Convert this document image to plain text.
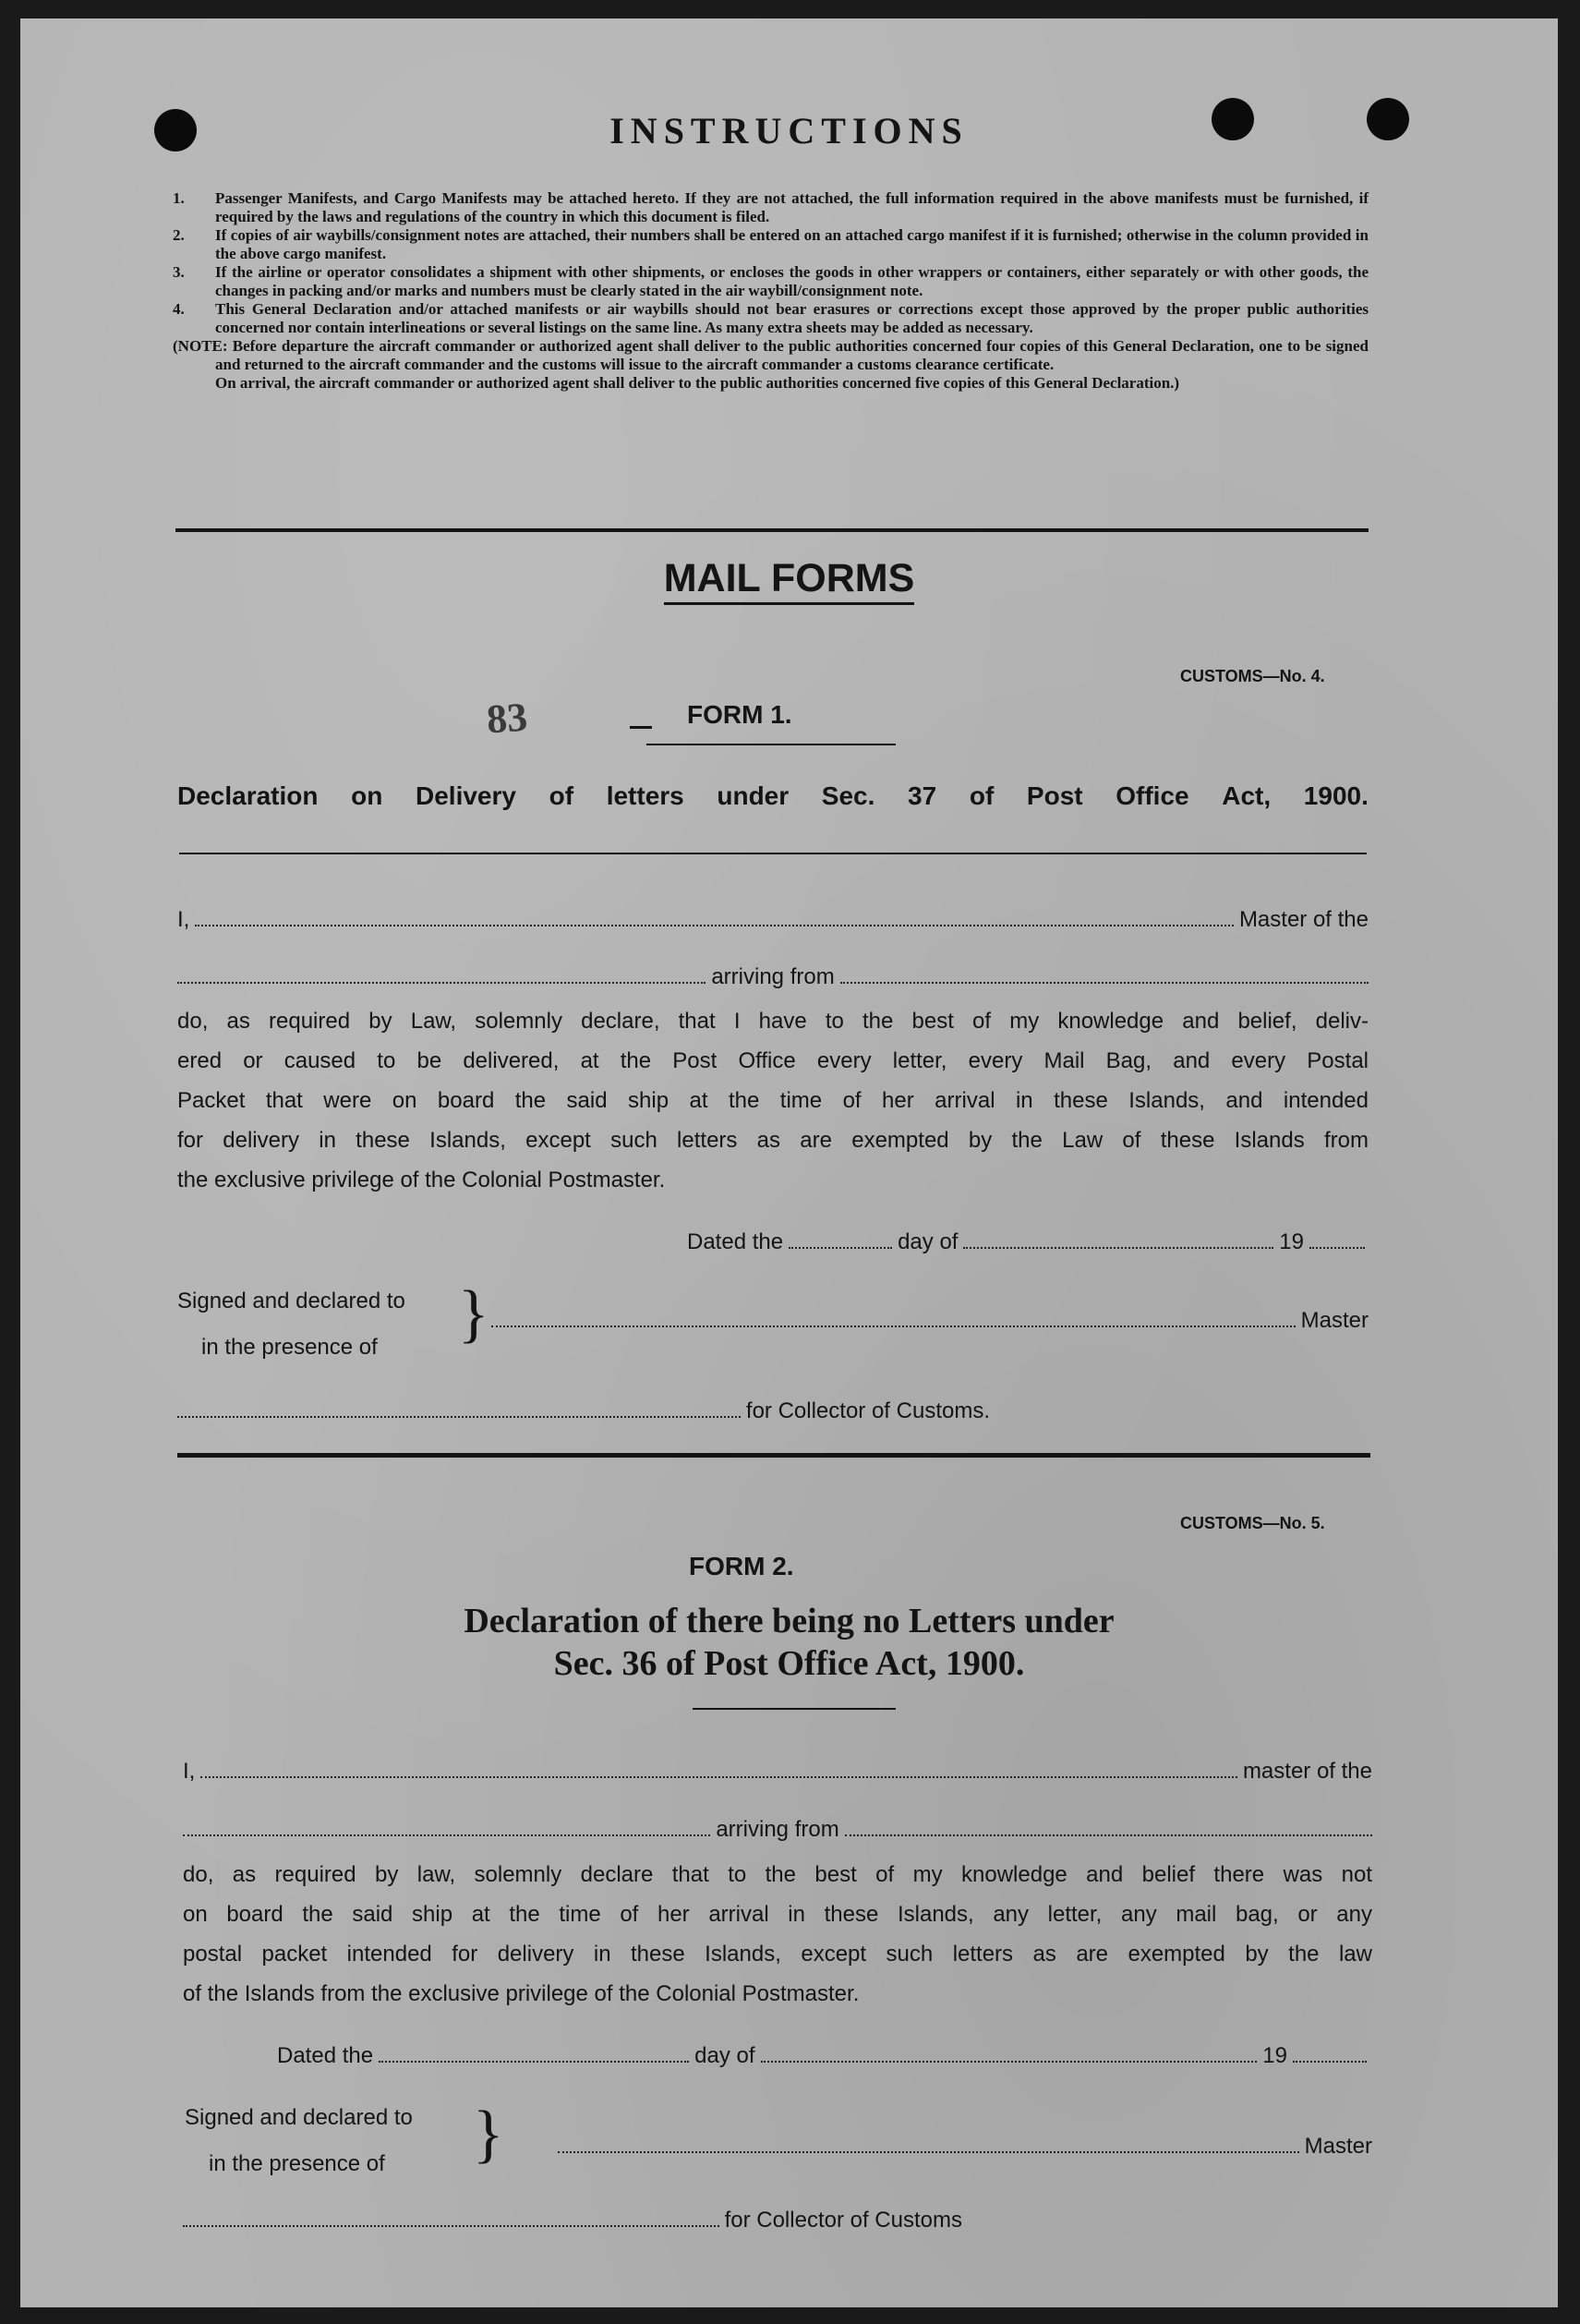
INSTRUCTIONS
1. Passenger Manifests, and Cargo Manifests may be attached hereto. If they are not attached, the full information required in the above manifests must be furnished, if required by the laws and regulations of the country in which this document is filed.
2. If copies of air waybills/consignment notes are attached, their numbers shall be entered on an attached cargo manifest if it is furnished; otherwise in the column provided in the above cargo manifest.
3. If the airline or operator consolidates a shipment with other shipments, or encloses the goods in other wrappers or containers, either separately or with other goods, the changes in packing and/or marks and numbers must be clearly stated in the air waybill/consignment note.
4. This General Declaration and/or attached manifests or air waybills should not bear erasures or corrections except those approved by the proper public authorities concerned nor contain interlineations or several listings on the same line. As many extra sheets may be added as necessary.
(NOTE: Before departure the aircraft commander or authorized agent shall deliver to the public authorities concerned four copies of this General Declaration, one to be signed and returned to the aircraft commander and the customs will issue to the aircraft commander a customs clearance certificate.
On arrival, the aircraft commander or authorized agent shall deliver to the public authorities concerned five copies of this General Declaration.)
MAIL FORMS
CUSTOMS—No. 4.
83	FORM 1.
Declaration on Delivery of letters under Sec. 37 of Post Office Act, 1900.
I,	Master of the
arriving from
do, as required by Law, solemnly declare, that I have to the best of my knowledge and belief, deliv-
ered or caused to be delivered, at the Post Office every letter, every Mail Bag, and every Postal
Packet that were on board the said ship at the time of her arrival in these Islands, and intended
for delivery in these Islands, except such letters as are exempted by the Law of these Islands from
the exclusive privilege of the Colonial Postmaster.
Dated the	day of	19
Signed and declared to
in the presence of	}	Master
for Collector of Customs.
CUSTOMS—No. 5.
FORM 2.
Declaration of there being no Letters under
Sec. 36 of Post Office Act, 1900.
I,	master of the
arriving from
do, as required by law, solemnly declare that to the best of my knowledge and belief there was not
on board the said ship at the time of her arrival in these Islands, any letter, any mail bag, or any
postal packet intended for delivery in these Islands, except such letters as are exempted by the law
of the Islands from the exclusive privilege of the Colonial Postmaster.
Dated the	day of	19
Signed and declared to
in the presence of	}	Master
for Collector of Customs
